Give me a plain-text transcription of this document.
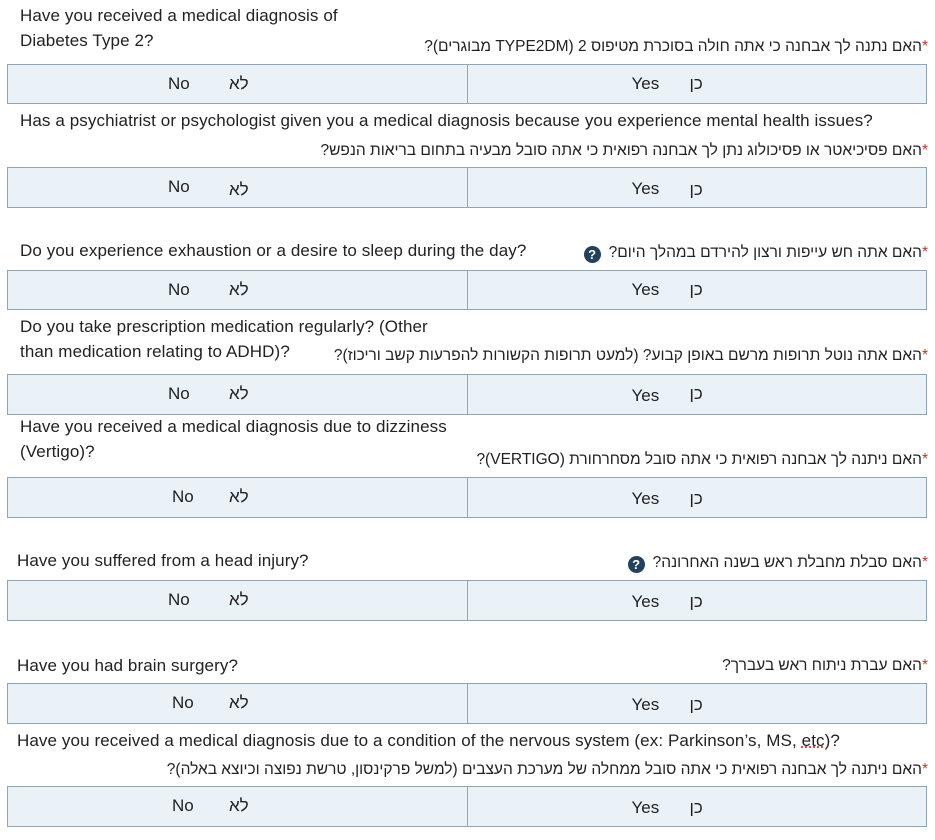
Have you received a medical diagnosis of
Diabetes Type 2?	*האם נתנה לך אבחנה כי אתה חולה בסוכרת מטיפוס 2 (TYPE2DM מבוגרים)?
No לא	Yes כן
Has a psychiatrist or psychologist given you a medical diagnosis because you experience mental health issues?
*האם פסיכיאטר או פסיכולוג נתן לך אבחנה רפואית כי אתה סובל מבעיה בתחום בריאות הנפש?
No לא	Yes כן
Do you experience exhaustion or a desire to sleep during the day?	*האם אתה חש עייפות ורצון להירדם במהלך היום??
No לא	Yes כן
Do you take prescription medication regularly? (Other
than medication relating to ADHD)?	*האם אתה נוטל תרופות מרשם באופן קבוע? (למעט תרופות הקשורות להפרעות קשב וריכוז)?
No לא	Yes כן
Have you received a medical diagnosis due to dizziness
(Vertigo)?	*האם ניתנה לך אבחנה רפואית כי אתה סובל מסחרחורת (VERTIGO)?
No לא	Yes כן
Have you suffered from a head injury?	*האם סבלת מחבלת ראש בשנה האחרונה??
No לא	Yes כן
Have you had brain surgery?	*האם עברת ניתוח ראש בעברך?
No לא	Yes כן
Have you received a medical diagnosis due to a condition of the nervous system (ex: Parkinson’s, MS, etc)?
*האם ניתנה לך אבחנה רפואית כי אתה סובל ממחלה של מערכת העצבים (למשל פרקינסון, טרשת נפוצה וכיוצא באלה)?
No לא	Yes כן
